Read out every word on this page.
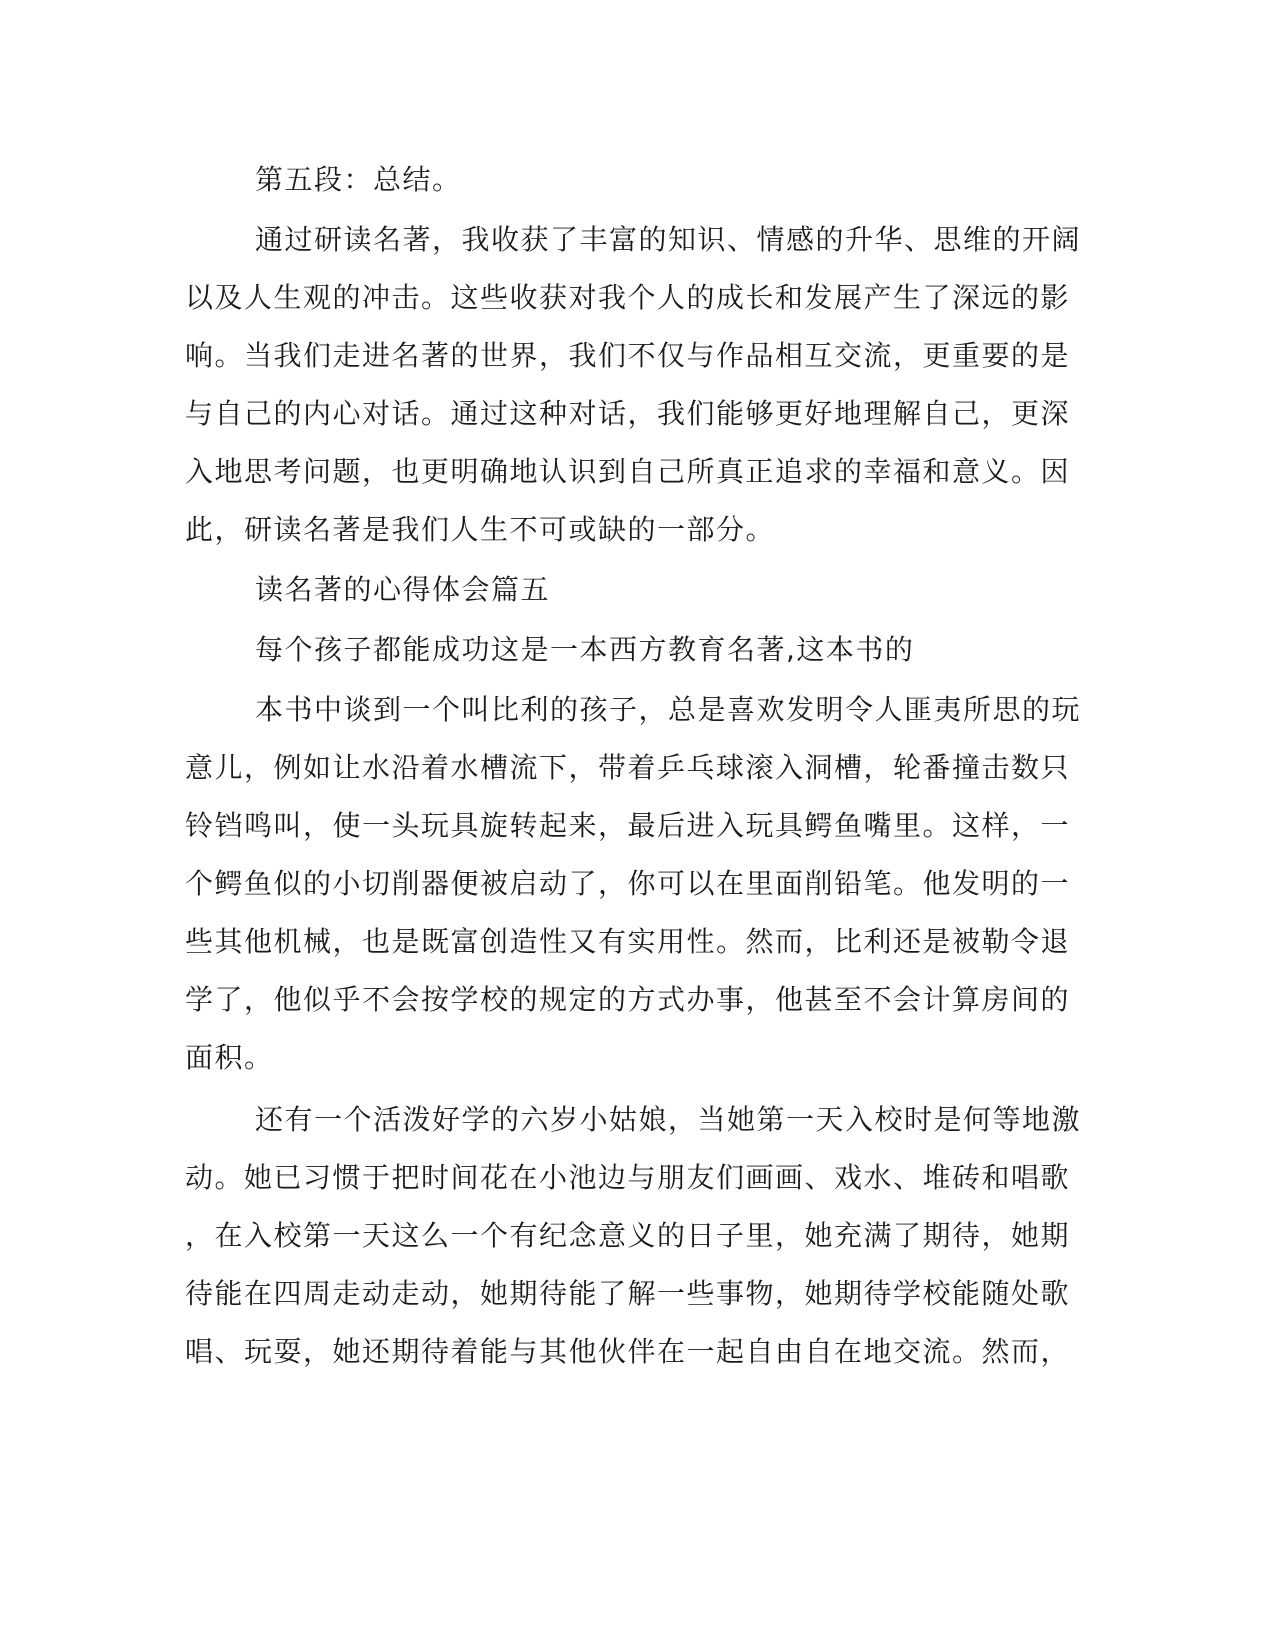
第五段：总结。
通过研读名著，我收获了丰富的知识、情感的升华、思维的开阔
以及人生观的冲击。这些收获对我个人的成长和发展产生了深远的影
响。当我们走进名著的世界，我们不仅与作品相互交流，更重要的是
与自己的内心对话。通过这种对话，我们能够更好地理解自己，更深
入地思考问题，也更明确地认识到自己所真正追求的幸福和意义。因
此，研读名著是我们人生不可或缺的一部分。
读名著的心得体会篇五
每个孩子都能成功这是一本西方教育名著,这本书的
本书中谈到一个叫比利的孩子，总是喜欢发明令人匪夷所思的玩
意儿，例如让水沿着水槽流下，带着乒乓球滚入洞槽，轮番撞击数只
铃铛鸣叫，使一头玩具旋转起来，最后进入玩具鳄鱼嘴里。这样，一
个鳄鱼似的小切削器便被启动了，你可以在里面削铅笔。他发明的一
些其他机械，也是既富创造性又有实用性。然而，比利还是被勒令退
学了，他似乎不会按学校的规定的方式办事，他甚至不会计算房间的
面积。
还有一个活泼好学的六岁小姑娘，当她第一天入校时是何等地激
动。她已习惯于把时间花在小池边与朋友们画画、戏水、堆砖和唱歌
，在入校第一天这么一个有纪念意义的日子里，她充满了期待，她期
待能在四周走动走动，她期待能了解一些事物，她期待学校能随处歌
唱、玩耍，她还期待着能与其他伙伴在一起自由自在地交流。然而，
